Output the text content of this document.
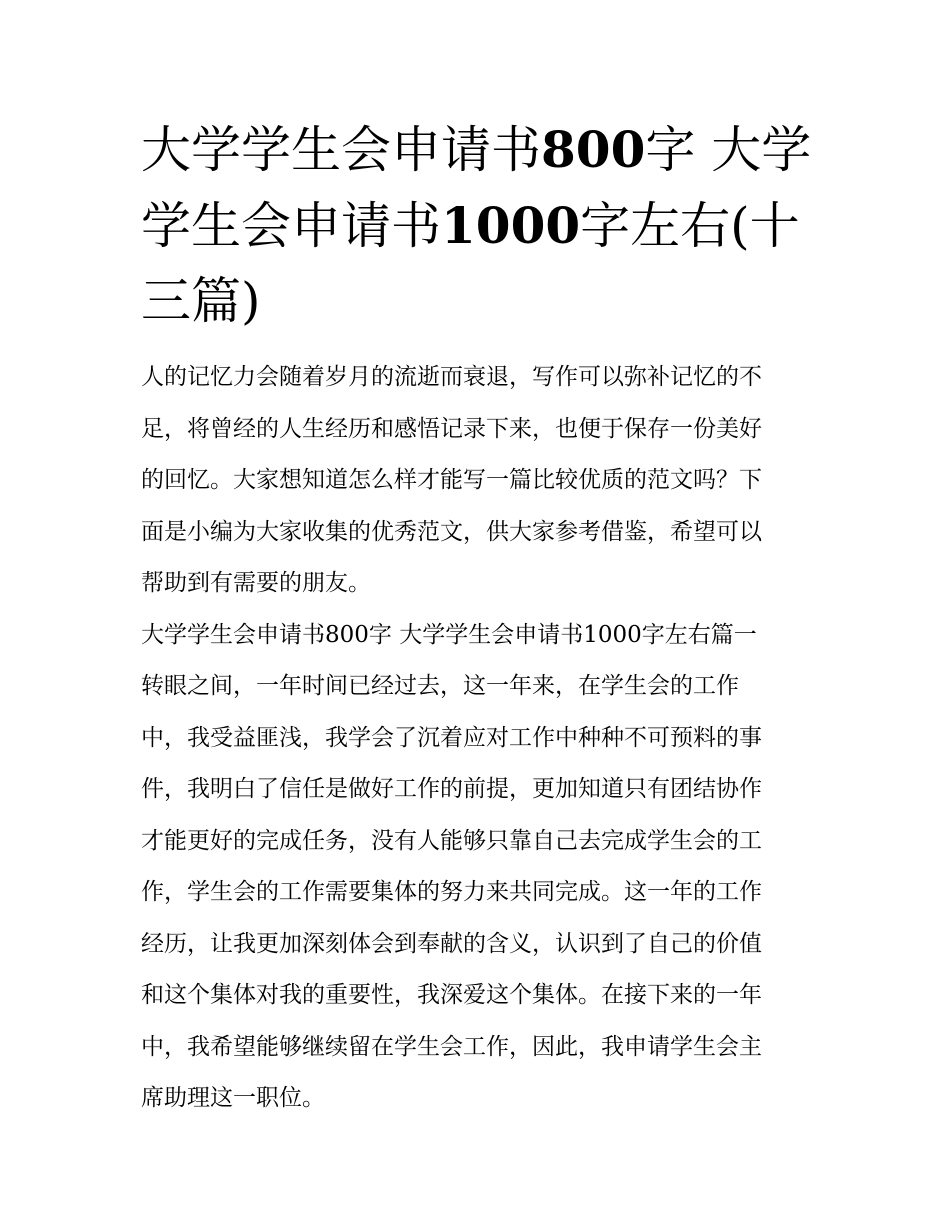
大学学生会申请书800字 大学
学生会申请书1000字左右(十
三篇)

人的记忆力会随着岁月的流逝而衰退，写作可以弥补记忆的不
足，将曾经的人生经历和感悟记录下来，也便于保存一份美好
的回忆。大家想知道怎么样才能写一篇比较优质的范文吗？下
面是小编为大家收集的优秀范文，供大家参考借鉴，希望可以
帮助到有需要的朋友。

大学学生会申请书800字 大学学生会申请书1000字左右篇一

转眼之间，一年时间已经过去，这一年来，在学生会的工作
中，我受益匪浅，我学会了沉着应对工作中种种不可预料的事
件，我明白了信任是做好工作的前提，更加知道只有团结协作
才能更好的完成任务，没有人能够只靠自己去完成学生会的工
作，学生会的工作需要集体的努力来共同完成。这一年的工作
经历，让我更加深刻体会到奉献的含义，认识到了自己的价值
和这个集体对我的重要性，我深爱这个集体。在接下来的一年
中，我希望能够继续留在学生会工作，因此，我申请学生会主
席助理这一职位。
